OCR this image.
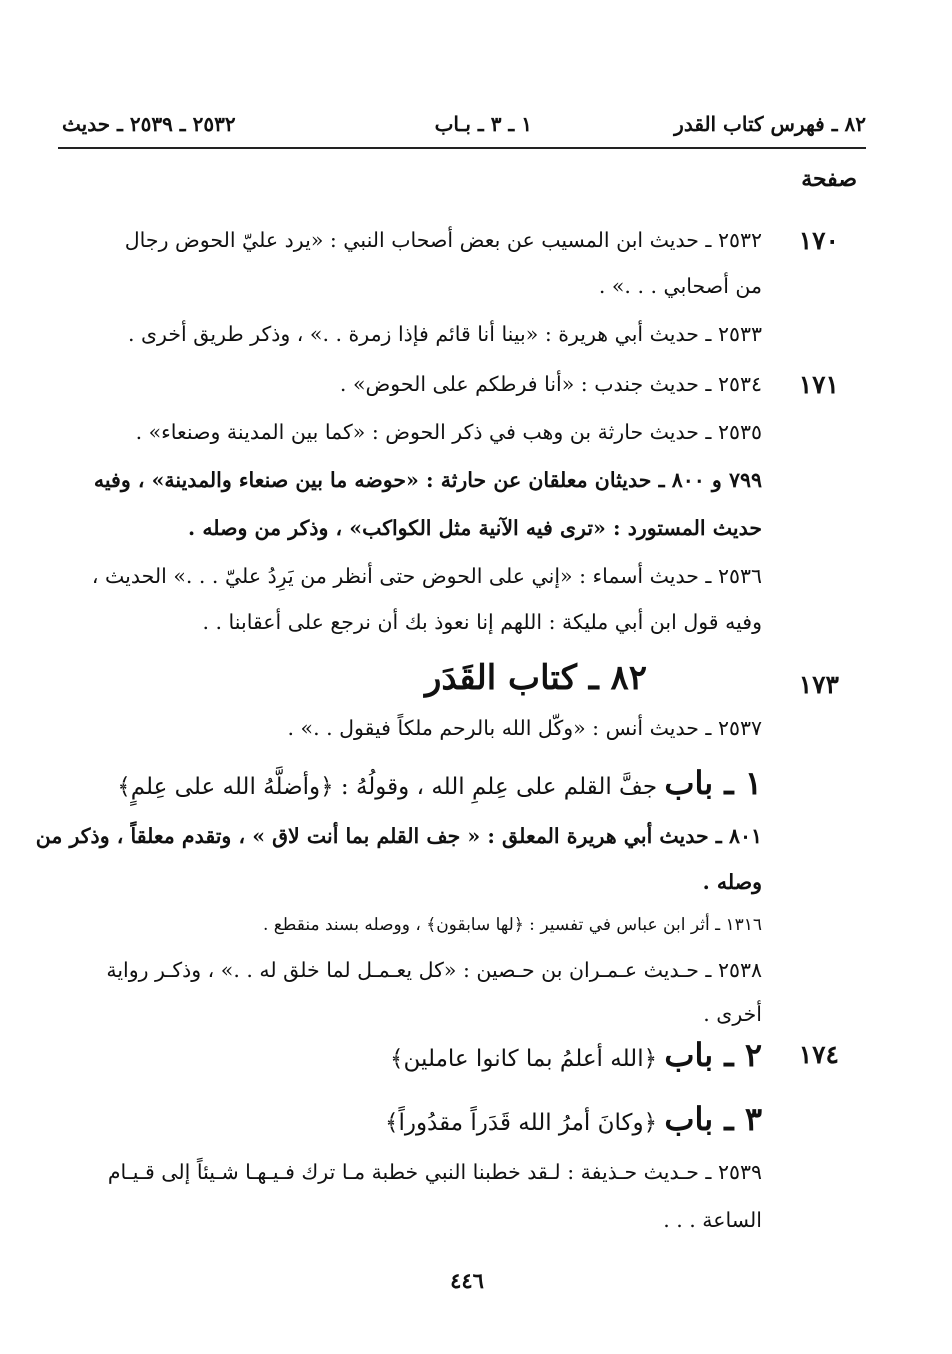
٨٢ ـ فهرس كتاب القدر
١ ـ ٣ ـ بـاب
٢٥٣٢ ـ ٢٥٣٩ ـ حديث
صفحة
١٧٠
١٧١
١٧٣
١٧٤
٢٥٣٢ ـ حديث ابن المسيب عن بعض أصحاب النبي : «يرد عليّ الحوض رجال
من أصحابي . . .» .
٢٥٣٣ ـ حديث أبي هريرة : «بينا أنا قائم فإذا زمرة . .» ، وذكر طريق أخرى .
٢٥٣٤ ـ حديث جندب : «أنا فرطكم على الحوض» .
٢٥٣٥ ـ حديث حارثة بن وهب في ذكر الحوض : «كما بين المدينة وصنعاء» .
٧٩٩ و ٨٠٠ ـ حديثان معلقان عن حارثة : «حوضه ما بين صنعاء والمدينة» ، وفيه
حديث المستورد : «ترى فيه الآنية مثل الكواكب» ، وذكر من وصله .
٢٥٣٦ ـ حديث أسماء : «إني على الحوض حتى أنظر من يَرِدُ عليّ . . .» الحديث ،
وفيه قول ابن أبي مليكة : اللهم إنا نعوذ بك أن نرجع على أعقابنا . .
٨٢ ـ كتاب القَدَر
٢٥٣٧ ـ حديث أنس : «وكّل الله بالرحم ملكاً فيقول . .» .
١ ـ باب جفَّ القلم على عِلمِ الله ، وقولُهُ : ﴿وأضلَّهُ الله على عِلمٍ﴾
٨٠١ ـ حديث أبي هريرة المعلق : « جف القلم بما أنت لاق » ، وتقدم معلقاً ، وذكر من
وصله .
١٣١٦ ـ أثر ابن عباس في تفسير : ﴿لها سابقون﴾ ، ووصله بسند منقطع .
٢٥٣٨ ـ حـديث عـمـران بن حـصين : «كل يعـمـل لما خلق له . .» ، وذكـر رواية
أخرى .
٢ ـ باب ﴿الله أعلمُ بما كانوا عاملين﴾
٣ ـ باب ﴿وكانَ أمرُ الله قَدَراً مقدُوراً﴾
٢٥٣٩ ـ حـديث حـذيفة : لـقد خطبنا النبي خطبة مـا ترك فـيـهـا شـيئاً إلى قـيـام
الساعة . . .
٤٤٦
